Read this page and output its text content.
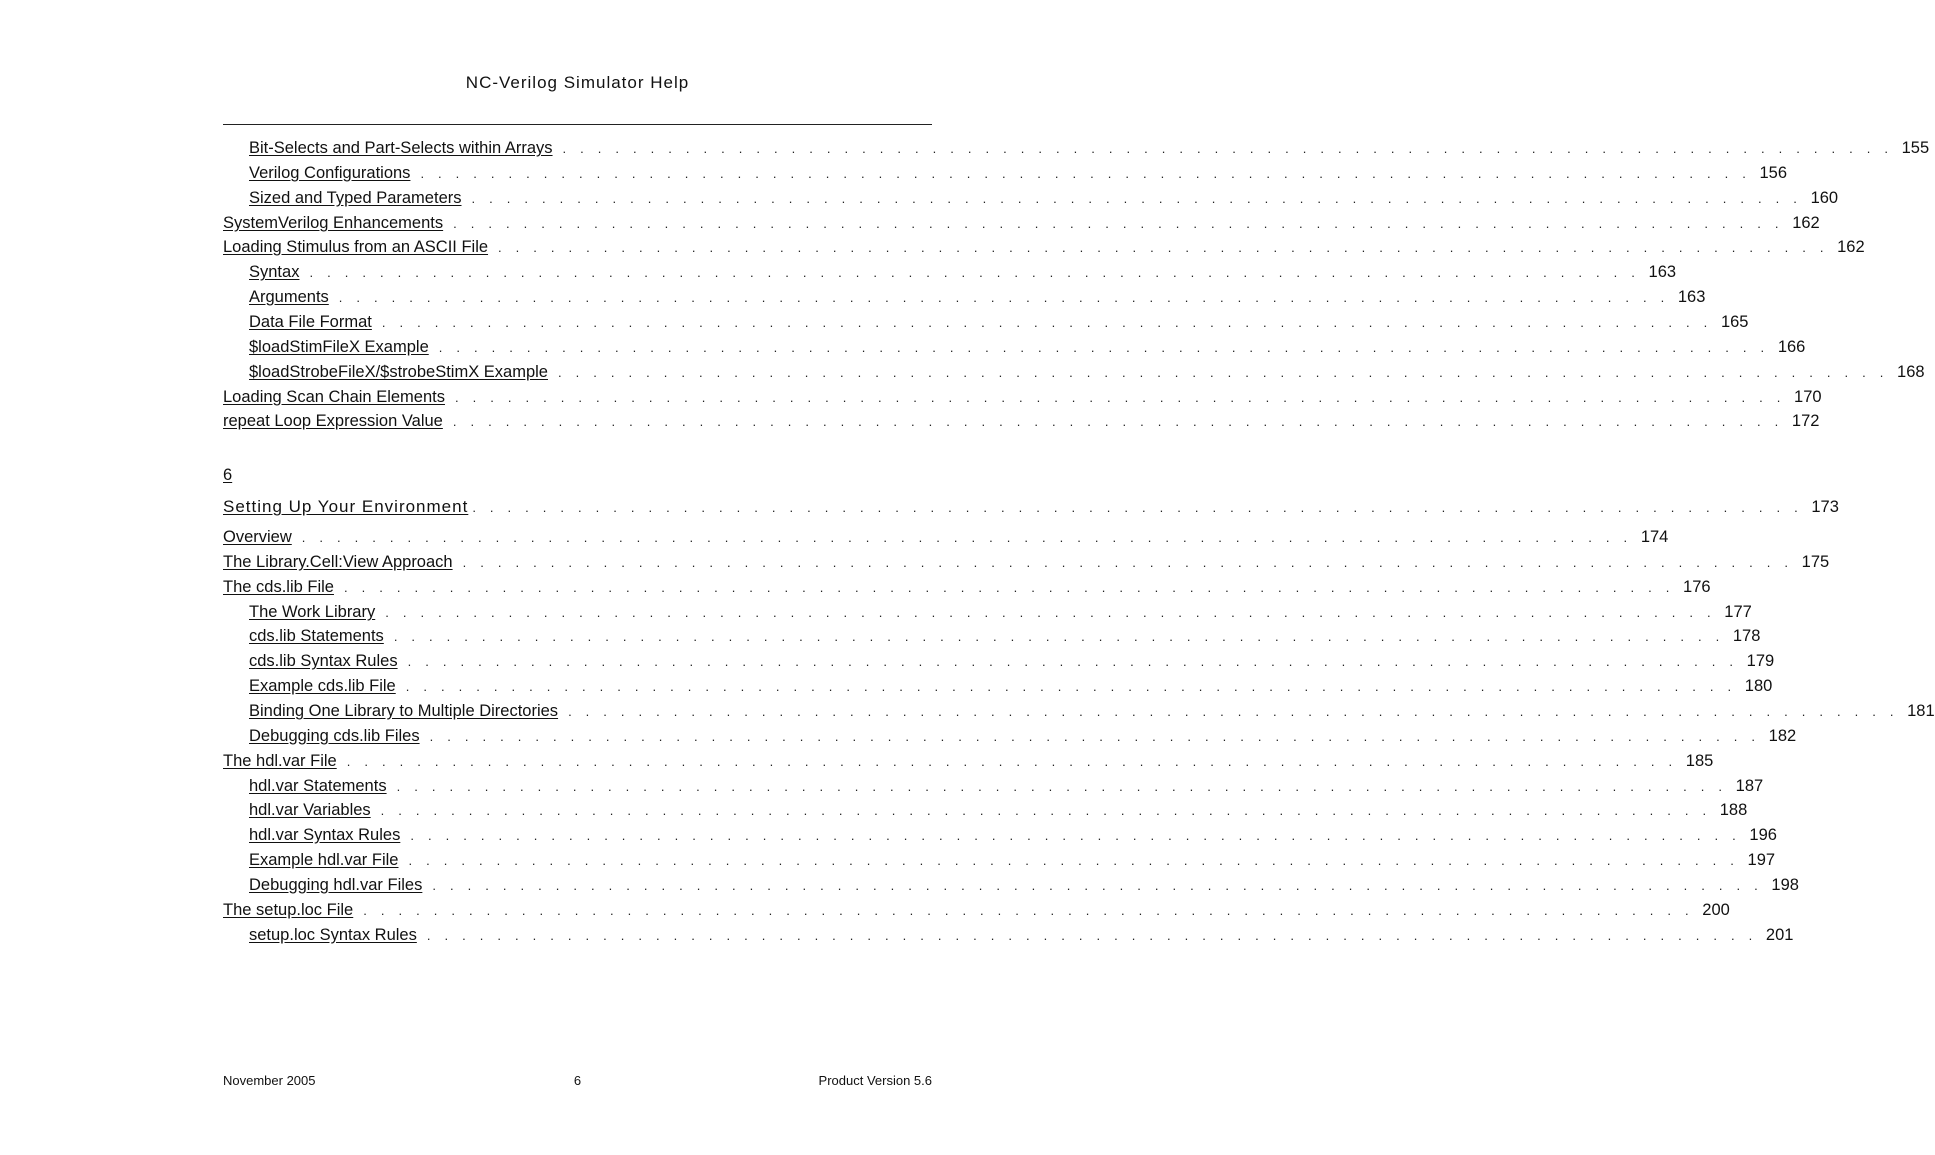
NC-Verilog Simulator Help
Bit-Selects and Part-Selects within Arrays . . . . . . . . . . . . . . . . . . . . . . . . . . . . . . . . . . . . . . . . . . . . . . . . . . . . . . . . . . . . . . . . . . . . . . . . . . . . 155
Verilog Configurations . . . . . . . . . . . . . . . . . . . . . . . . . . . . . . . . . . . . . . . . . . . . . . . . . . . . . . . . . . . . . . . . . . . . . . . . . . . . 156
Sized and Typed Parameters . . . . . . . . . . . . . . . . . . . . . . . . . . . . . . . . . . . . . . . . . . . . . . . . . . . . . . . . . . . . . . . . . . . . . . . . . . . . 160
SystemVerilog Enhancements . . . . . . . . . . . . . . . . . . . . . . . . . . . . . . . . . . . . . . . . . . . . . . . . . . . . . . . . . . . . . . . . . . . . . . . . . . . . 162
Loading Stimulus from an ASCII File . . . . . . . . . . . . . . . . . . . . . . . . . . . . . . . . . . . . . . . . . . . . . . . . . . . . . . . . . . . . . . . . . . . . . . . . . . . . 162
Syntax . . . . . . . . . . . . . . . . . . . . . . . . . . . . . . . . . . . . . . . . . . . . . . . . . . . . . . . . . . . . . . . . . . . . . . . . . . . . 163
Arguments . . . . . . . . . . . . . . . . . . . . . . . . . . . . . . . . . . . . . . . . . . . . . . . . . . . . . . . . . . . . . . . . . . . . . . . . . . . . 163
Data File Format . . . . . . . . . . . . . . . . . . . . . . . . . . . . . . . . . . . . . . . . . . . . . . . . . . . . . . . . . . . . . . . . . . . . . . . . . . . . 165
$loadStimFileX Example . . . . . . . . . . . . . . . . . . . . . . . . . . . . . . . . . . . . . . . . . . . . . . . . . . . . . . . . . . . . . . . . . . . . . . . . . . . . 166
$loadStrobeFileX/$strobeStimX Example . . . . . . . . . . . . . . . . . . . . . . . . . . . . . . . . . . . . . . . . . . . . . . . . . . . . . . . . . . . . . . . . . . . . . . . . . . . . 168
Loading Scan Chain Elements . . . . . . . . . . . . . . . . . . . . . . . . . . . . . . . . . . . . . . . . . . . . . . . . . . . . . . . . . . . . . . . . . . . . . . . . . . . . 170
repeat Loop Expression Value . . . . . . . . . . . . . . . . . . . . . . . . . . . . . . . . . . . . . . . . . . . . . . . . . . . . . . . . . . . . . . . . . . . . . . . . . . . . 172
Setting Up Your Environment . . . . . . . . . . . . . . . . . . . . . . . . . . . . . . . . . . . . . . . . . . . . . . . . . . . . . . . . . . . . . . . . . . . . . . . . . . . . 173
Overview . . . . . . . . . . . . . . . . . . . . . . . . . . . . . . . . . . . . . . . . . . . . . . . . . . . . . . . . . . . . . . . . . . . . . . . . . . . . 174
The Library.Cell:View Approach . . . . . . . . . . . . . . . . . . . . . . . . . . . . . . . . . . . . . . . . . . . . . . . . . . . . . . . . . . . . . . . . . . . . . . . . . . . . 175
The cds.lib File . . . . . . . . . . . . . . . . . . . . . . . . . . . . . . . . . . . . . . . . . . . . . . . . . . . . . . . . . . . . . . . . . . . . . . . . . . . . 176
The Work Library . . . . . . . . . . . . . . . . . . . . . . . . . . . . . . . . . . . . . . . . . . . . . . . . . . . . . . . . . . . . . . . . . . . . . . . . . . . . 177
cds.lib Statements . . . . . . . . . . . . . . . . . . . . . . . . . . . . . . . . . . . . . . . . . . . . . . . . . . . . . . . . . . . . . . . . . . . . . . . . . . . . 178
cds.lib Syntax Rules . . . . . . . . . . . . . . . . . . . . . . . . . . . . . . . . . . . . . . . . . . . . . . . . . . . . . . . . . . . . . . . . . . . . . . . . . . . . 179
Example cds.lib File . . . . . . . . . . . . . . . . . . . . . . . . . . . . . . . . . . . . . . . . . . . . . . . . . . . . . . . . . . . . . . . . . . . . . . . . . . . . 180
Binding One Library to Multiple Directories . . . . . . . . . . . . . . . . . . . . . . . . . . . . . . . . . . . . . . . . . . . . . . . . . . . . . . . . . . . . . . . . . . . . . . . . . . . . 181
Debugging cds.lib Files . . . . . . . . . . . . . . . . . . . . . . . . . . . . . . . . . . . . . . . . . . . . . . . . . . . . . . . . . . . . . . . . . . . . . . . . . . . . 182
The hdl.var File . . . . . . . . . . . . . . . . . . . . . . . . . . . . . . . . . . . . . . . . . . . . . . . . . . . . . . . . . . . . . . . . . . . . . . . . . . . . 185
hdl.var Statements . . . . . . . . . . . . . . . . . . . . . . . . . . . . . . . . . . . . . . . . . . . . . . . . . . . . . . . . . . . . . . . . . . . . . . . . . . . . 187
hdl.var Variables . . . . . . . . . . . . . . . . . . . . . . . . . . . . . . . . . . . . . . . . . . . . . . . . . . . . . . . . . . . . . . . . . . . . . . . . . . . . 188
hdl.var Syntax Rules . . . . . . . . . . . . . . . . . . . . . . . . . . . . . . . . . . . . . . . . . . . . . . . . . . . . . . . . . . . . . . . . . . . . . . . . . . . . 196
Example hdl.var File . . . . . . . . . . . . . . . . . . . . . . . . . . . . . . . . . . . . . . . . . . . . . . . . . . . . . . . . . . . . . . . . . . . . . . . . . . . . 197
Debugging hdl.var Files . . . . . . . . . . . . . . . . . . . . . . . . . . . . . . . . . . . . . . . . . . . . . . . . . . . . . . . . . . . . . . . . . . . . . . . . . . . . 198
The setup.loc File . . . . . . . . . . . . . . . . . . . . . . . . . . . . . . . . . . . . . . . . . . . . . . . . . . . . . . . . . . . . . . . . . . . . . . . . . . . . 200
setup.loc Syntax Rules . . . . . . . . . . . . . . . . . . . . . . . . . . . . . . . . . . . . . . . . . . . . . . . . . . . . . . . . . . . . . . . . . . . . . . . . . . . . 201
6
November 2005	6	Product Version 5.6
